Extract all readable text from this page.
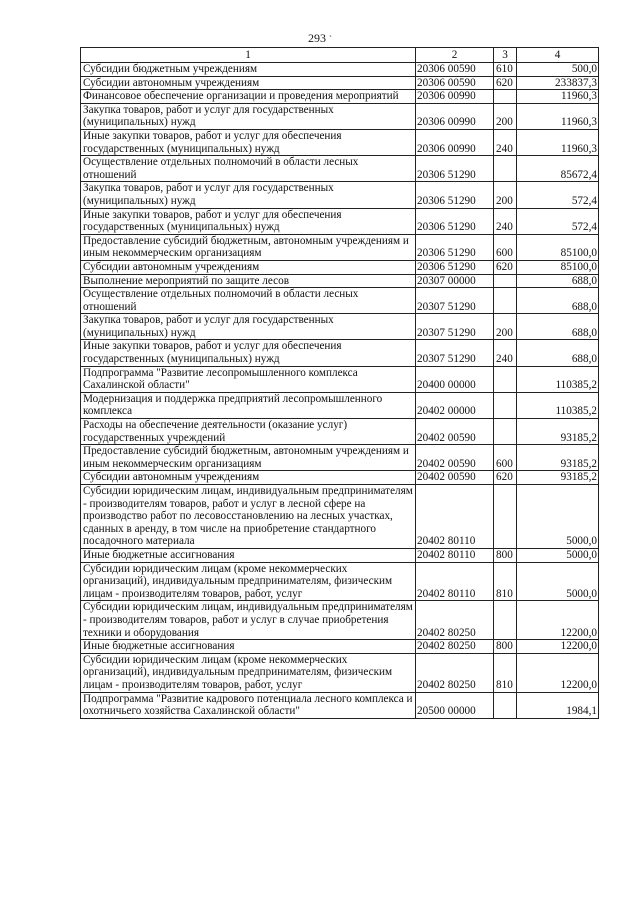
293 `
1	2	3	4
Субсидии бюджетным учреждениям	20306 00590	610	500,0
Субсидии автономным учреждениям	20306 00590	620	233837,3
Финансовое обеспечение организации и проведения мероприятий	20306 00990		11960,3
Закупка товаров, работ и услуг для государственных (муниципальных) нужд	20306 00990	200	11960,3
Иные закупки товаров, работ и услуг для обеспечения государственных (муниципальных) нужд	20306 00990	240	11960,3
Осуществление отдельных полномочий в области лесных отношений	20306 51290		85672,4
Закупка товаров, работ и услуг для государственных (муниципальных) нужд	20306 51290	200	572,4
Иные закупки товаров, работ и услуг для обеспечения государственных (муниципальных) нужд	20306 51290	240	572,4
Предоставление субсидий бюджетным, автономным учреждениям и иным некоммерческим организациям	20306 51290	600	85100,0
Субсидии автономным учреждениям	20306 51290	620	85100,0
Выполнение мероприятий по защите лесов	20307 00000		688,0
Осуществление отдельных полномочий в области лесных отношений	20307 51290		688,0
Закупка товаров, работ и услуг для государственных (муниципальных) нужд	20307 51290	200	688,0
Иные закупки товаров, работ и услуг для обеспечения государственных (муниципальных) нужд	20307 51290	240	688,0
Подпрограмма "Развитие лесопромышленного комплекса Сахалинской области"	20400 00000		110385,2
Модернизация и поддержка предприятий лесопромышленного комплекса	20402 00000		110385,2
Расходы на обеспечение деятельности (оказание услуг) государственных учреждений	20402 00590		93185,2
Предоставление субсидий бюджетным, автономным учреждениям и иным некоммерческим организациям	20402 00590	600	93185,2
Субсидии автономным учреждениям	20402 00590	620	93185,2
Субсидии юридическим лицам, индивидуальным предпринимателям - производителям товаров, работ и услуг в лесной сфере на производство работ по лесовосстановлению на лесных участках, сданных в аренду, в том числе на приобретение стандартного посадочного материала	20402 80110		5000,0
Иные бюджетные ассигнования	20402 80110	800	5000,0
Субсидии юридическим лицам (кроме некоммерческих организаций), индивидуальным предпринимателям, физическим лицам - производителям товаров, работ, услуг	20402 80110	810	5000,0
Субсидии юридическим лицам, индивидуальным предпринимателям - производителям товаров, работ и услуг в случае приобретения техники и оборудования	20402 80250		12200,0
Иные бюджетные ассигнования	20402 80250	800	12200,0
Субсидии юридическим лицам (кроме некоммерческих организаций), индивидуальным предпринимателям, физическим лицам - производителям товаров, работ, услуг	20402 80250	810	12200,0
Подпрограмма "Развитие кадрового потенциала лесного комплекса и охотничьего хозяйства Сахалинской области"	20500 00000		1984,1
